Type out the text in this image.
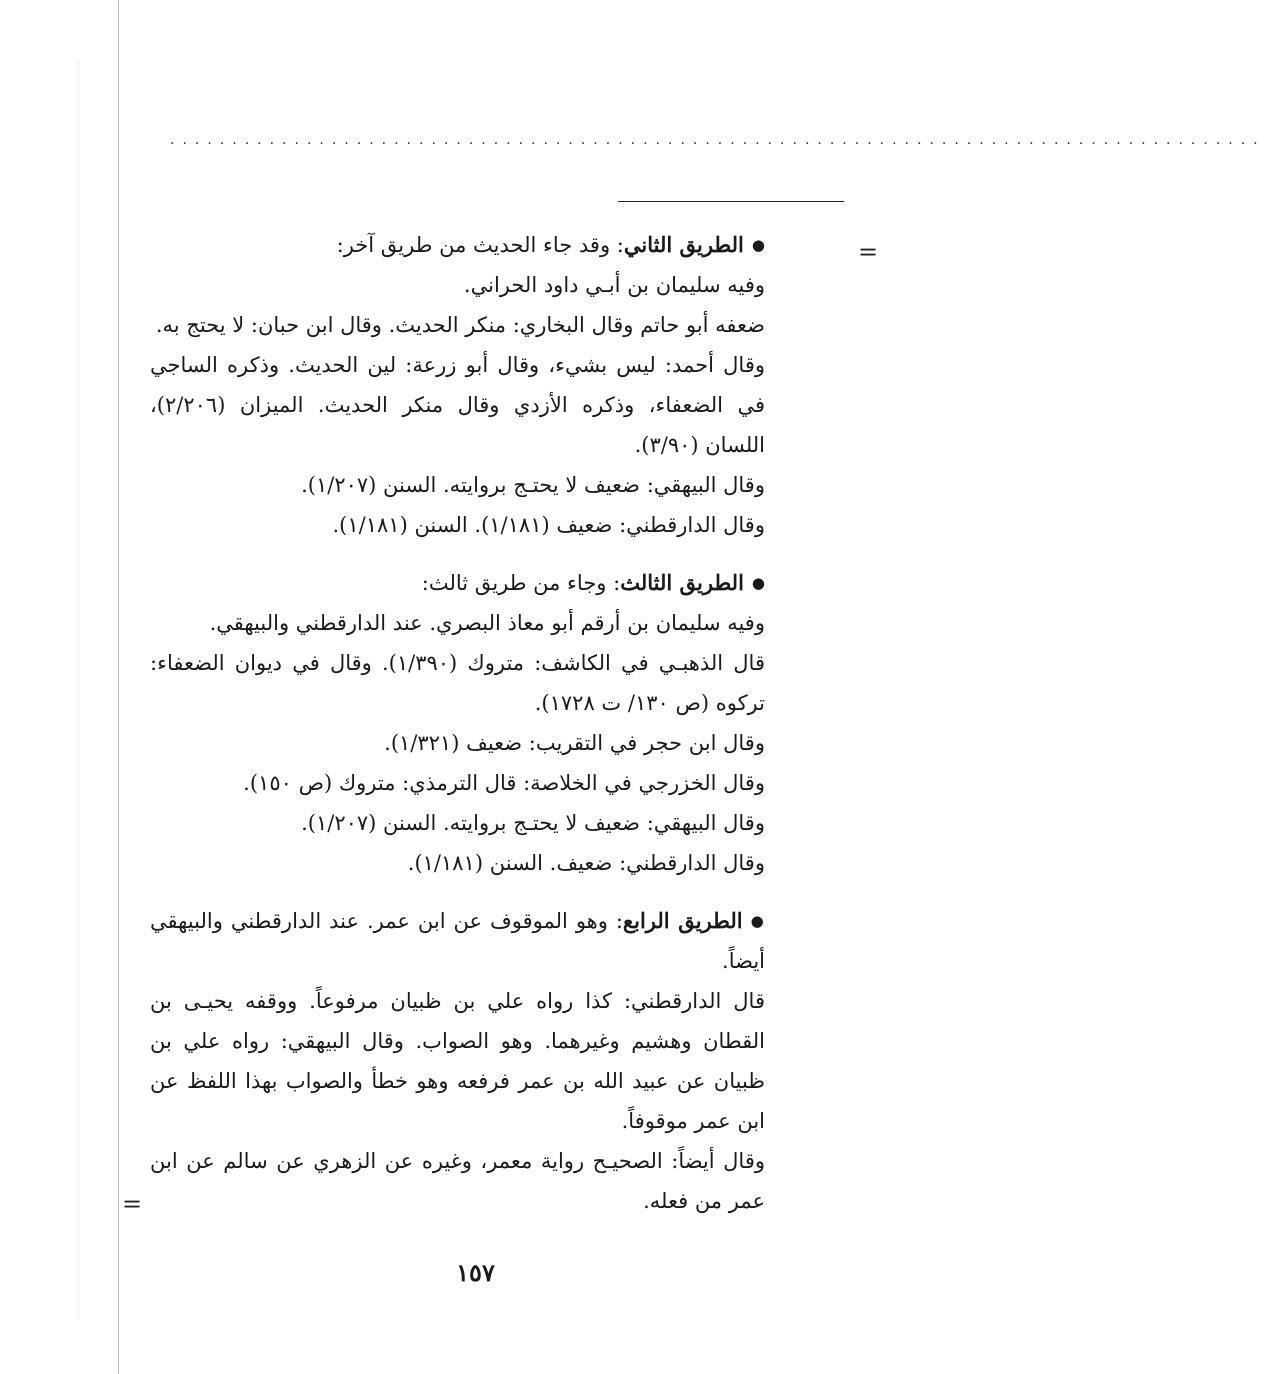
........................................................................................
=
=

●الطريق الثاني: وقد جاء الحديث من طريق آخر:

وفيه سليمان بن أبـي داود الحراني.

ضعفه أبو حاتم وقال البخاري: منكر الحديث. وقال ابن حبان: لا يحتج به.

وقال أحمد: ليس بشيء، وقال أبو زرعة: لين الحديث. وذكره الساجي في الضعفاء، وذكره الأزدي وقال منكر الحديث. الميزان (٢/٢٠٦)، اللسان (٣/٩٠).

وقال البيهقي: ضعيف لا يحتـج بروايته. السنن (١/٢٠٧).

وقال الدارقطني: ضعيف (١/١٨١). السنن (١/١٨١).

●الطريق الثالث: وجاء من طريق ثالث:

وفيه سليمان بن أرقم أبو معاذ البصري. عند الدارقطني والبيهقي.

قال الذهبـي في الكاشف: متروك (١/٣٩٠). وقال في ديوان الضعفاء: تركوه (ص ١٣٠/ ت ١٧٢٨).

وقال ابن حجر في التقريب: ضعيف (١/٣٢١).

وقال الخزرجي في الخلاصة: قال الترمذي: متروك (ص ١٥٠).

وقال البيهقي: ضعيف لا يحتـج بروايته. السنن (١/٢٠٧).

وقال الدارقطني: ضعيف. السنن (١/١٨١).

●الطريق الرابع: وهو الموقوف عن ابن عمر. عند الدارقطني والبيهقي أيضاً.

قال الدارقطني: كذا رواه علي بن ظبيان مرفوعاً. ووقفه يحيـى بن القطان وهشيم وغيرهما. وهو الصواب. وقال البيهقي: رواه علي بن ظبيان عن عبيد الله بن عمر فرفعه وهو خطأ والصواب بهذا اللفظ عن ابن عمر موقوفاً.

وقال أيضاً: الصحيـح رواية معمر، وغيره عن الزهري عن سالم عن ابن عمر من فعله.

١٥٧
